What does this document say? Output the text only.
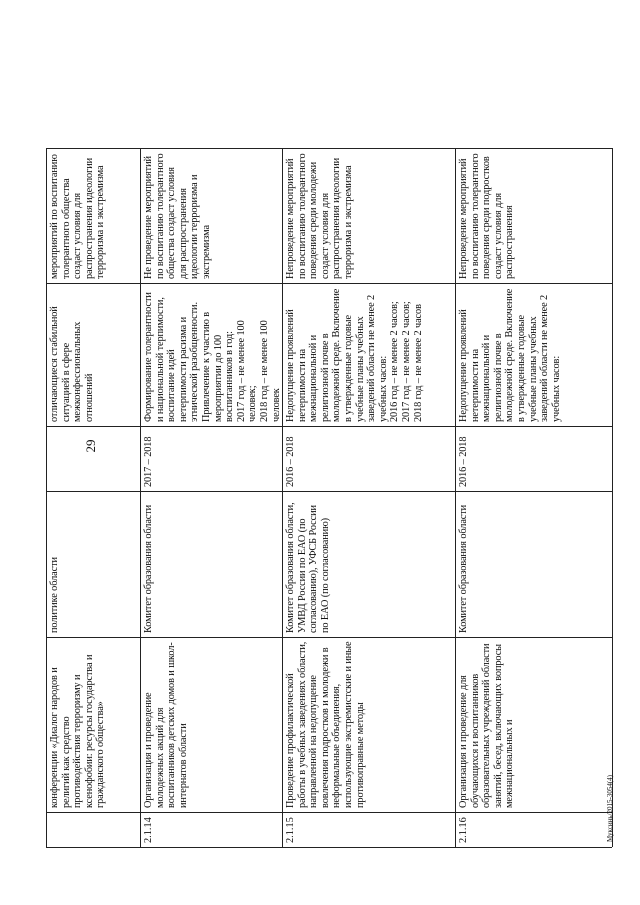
29
конференции «Диалог народов и религий как средство противодействия терроризму и ксенофобии: ресурсы государства и гражданского общества»
политике области
отличающиеся стабильной ситуацией в сфере межконфессиональных отношений
мероприятий по воспитанию толерантного общества создаст условия для распространения идеологии терроризма и экстремизма
2.1.14
Организация и проведение молодежных акций для воспитанников детских домов и школ-интернатов области
Комитет образования области
2017 – 2018
Формирование толерантности и национальной терпимости, воспитание идей нетерпимости расизма и этнической разобщенности. Привлечение к участию в мероприятии до 100 воспитанников в год:
2017 год – не менее 100 человек;
2018 год – не менее 100 человек
Не проведение мероприятий по воспитанию толерантного общества создаст условия для распространения идеологии терроризма и экстремизма
2.1.15
Проведение профилактической работы в учебных заведениях области, направленной на недопущение вовлечения подростков и молодежи в неформальные объединения, использующие экстремистские и иные противоправные методы
Комитет образования области, УМВД России по ЕАО (по согласованию), УФСБ России по ЕАО (по согласованию)
2016 – 2018
Недопущение проявлений нетерпимости на межнациональной и религиозной почве в молодежной среде. Включение в утвержденные годовые учебные планы учебных заведений области не менее 2 учебных часов:
2016 год – не менее 2 часов;
2017 год – не менее 2 часов;
2018 год – не менее 2 часов
Непроведение мероприятий по воспитанию толерантного поведения среди молодежи создаст условия для распространения идеологии терроризма и экстремизма
2.1.16
Организация и проведение для обучающихся и воспитанников образовательных учреждений области занятий, бесед, включающих вопросы межнациональных и
Комитет образования области
2016 – 2018
Недопущение проявлений нетерпимости на межнациональной и религиозной почве в молодежной среде. Включение в утвержденные годовые учебные планы учебных заведений области не менее 2 учебных часов:
Непроведение мероприятий по воспитанию толерантного поведения среди подростков создаст условия для распространения
Муксинь/2015-3054(4)
